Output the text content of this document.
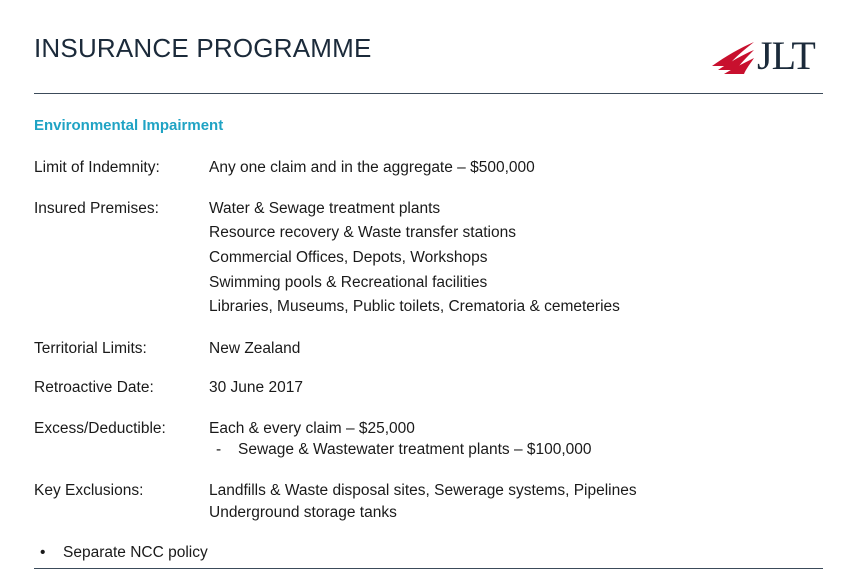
INSURANCE PROGRAMME	JLT
Environmental Impairment
Limit of Indemnity:	Any one claim and in the aggregate – $500,000
Insured Premises:	Water & Sewage treatment plants
Resource recovery & Waste transfer stations
Commercial Offices, Depots, Workshops
Swimming pools & Recreational facilities
Libraries, Museums, Public toilets, Crematoria & cemeteries
Territorial Limits:	New Zealand
Retroactive Date:	30 June 2017
Excess/Deductible:	Each & every claim – $25,000
- Sewage & Wastewater treatment plants – $100,000
Key Exclusions:	Landfills & Waste disposal sites, Sewerage systems, Pipelines
Underground storage tanks
• Separate NCC policy
